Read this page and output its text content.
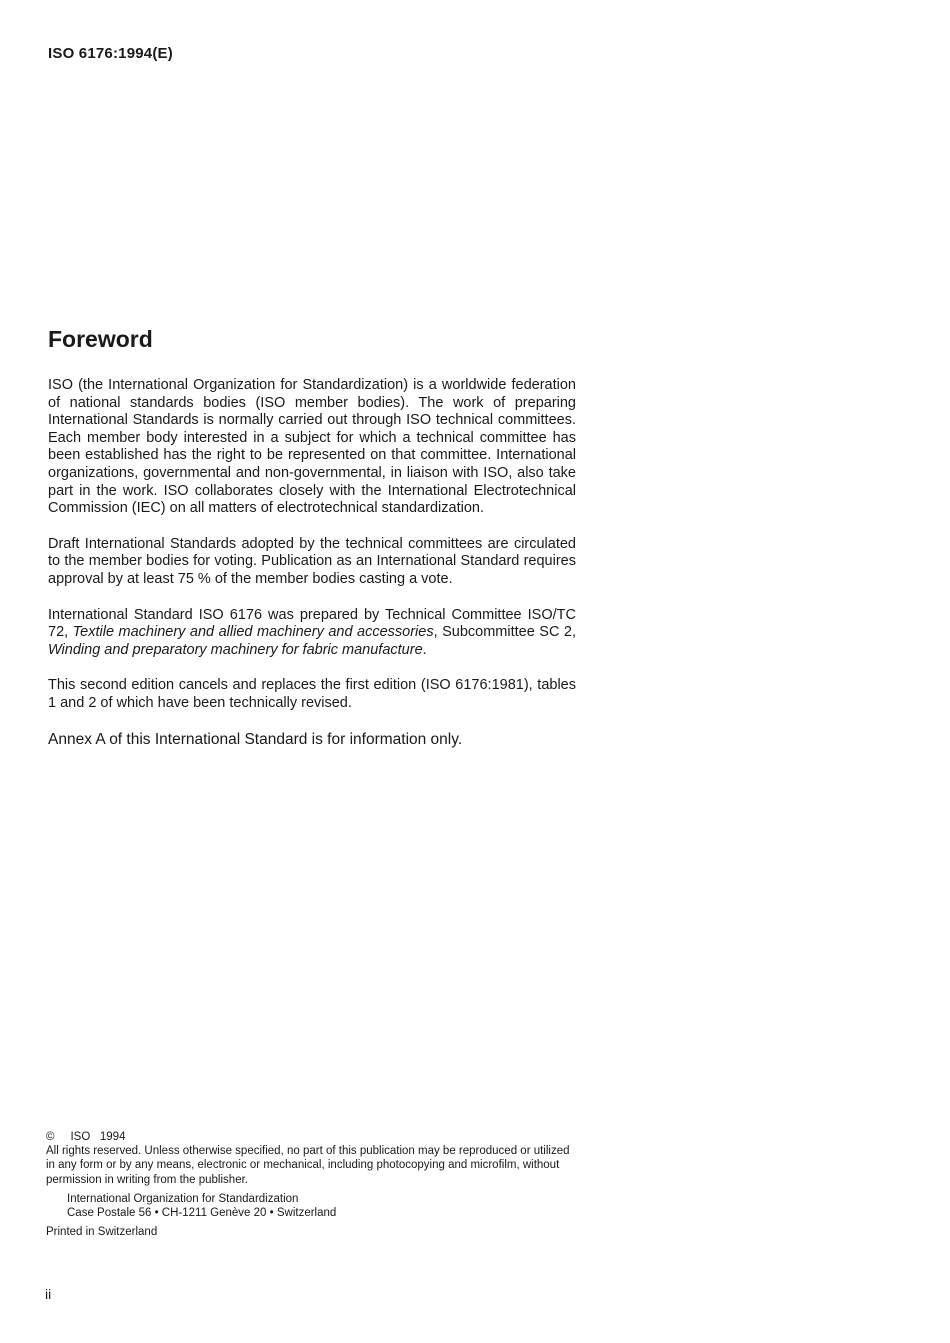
ISO 6176:1994(E)
Foreword

ISO (the International Organization for Standardization) is a worldwide federation of national standards bodies (ISO member bodies). The work of preparing International Standards is normally carried out through ISO technical committees. Each member body interested in a subject for which a technical committee has been established has the right to be represented on that committee. International organizations, governmental and non-governmental, in liaison with ISO, also take part in the work. ISO collaborates closely with the International Electrotechnical Commission (IEC) on all matters of electrotechnical standardization.

Draft International Standards adopted by the technical committees are circulated to the member bodies for voting. Publication as an International Standard requires approval by at least 75 % of the member bodies casting a vote.

International Standard ISO 6176 was prepared by Technical Committee ISO/TC 72, Textile machinery and allied machinery and accessories, Subcommittee SC 2, Winding and preparatory machinery for fabric manufacture.

This second edition cancels and replaces the first edition (ISO 6176:1981), tables 1 and 2 of which have been technically revised.

Annex A of this International Standard is for information only.

© ISO   1994
All rights reserved. Unless otherwise specified, no part of this publication may be reproduced or utilized in any form or by any means, electronic or mechanical, including photocopying and microfilm, without permission in writing from the publisher.
International Organization for Standardization
Case Postale 56 • CH-1211 Genève 20 • Switzerland
Printed in Switzerland
ii
